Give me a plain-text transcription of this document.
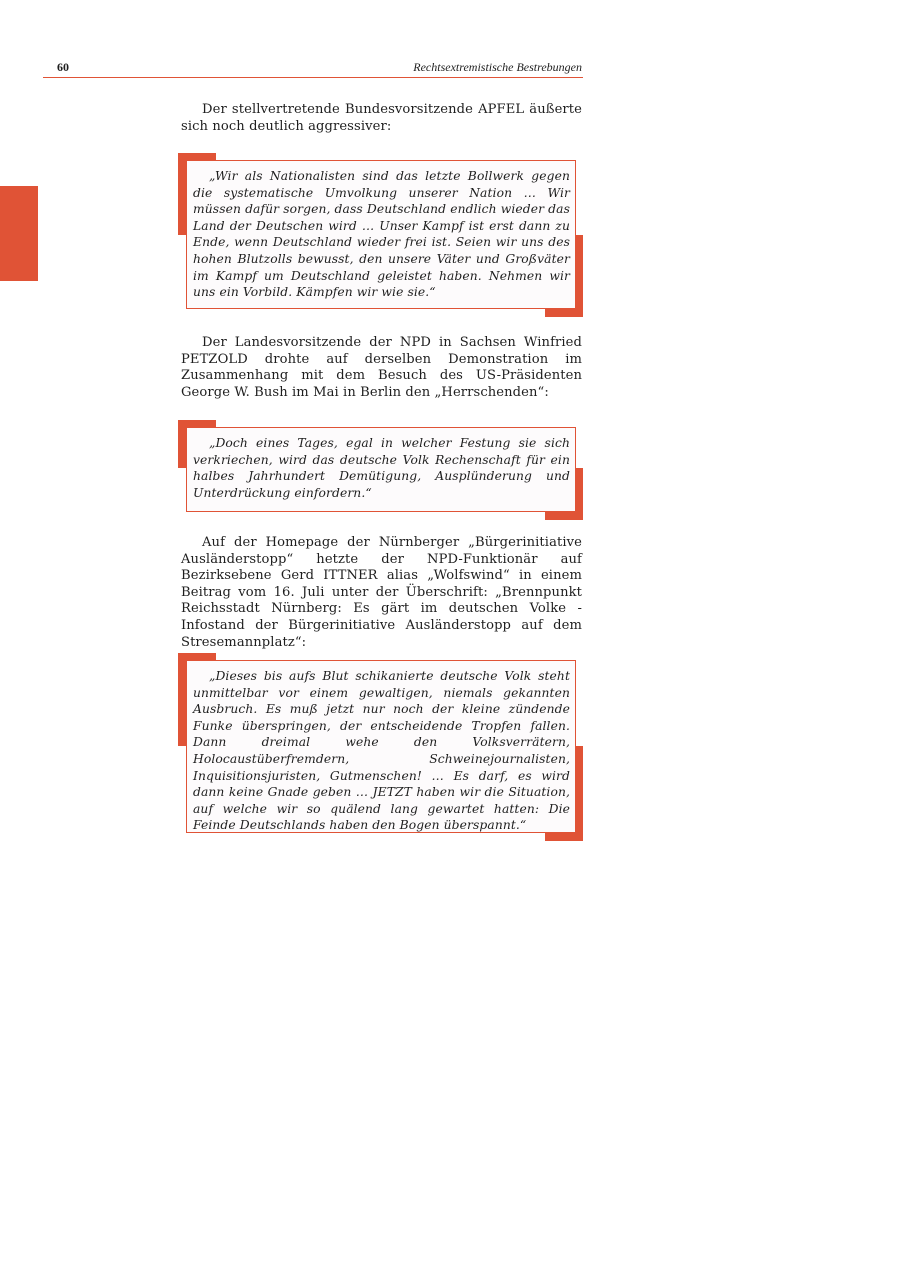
60	Rechtsextremistische Bestrebungen

Der stellvertretende Bundesvorsitzende APFEL äußerte sich noch deutlich aggressiver:

„Wir als Nationalisten sind das letzte Bollwerk gegen die systematische Umvolkung unserer Nation … Wir müssen dafür sorgen, dass Deutschland endlich wieder das Land der Deutschen wird … Unser Kampf ist erst dann zu Ende, wenn Deutschland wieder frei ist. Seien wir uns des hohen Blutzolls bewusst, den unsere Väter und Großväter im Kampf um Deutschland geleistet haben. Nehmen wir uns ein Vorbild. Kämpfen wir wie sie.“

Der Landesvorsitzende der NPD in Sachsen Winfried PETZOLD drohte auf derselben Demonstration im Zusammenhang mit dem Besuch des US-Präsidenten George W. Bush im Mai in Berlin den „Herrschenden“:

„Doch eines Tages, egal in welcher Festung sie sich verkriechen, wird das deutsche Volk Rechenschaft für ein halbes Jahrhundert Demütigung, Ausplünderung und Unterdrückung einfordern.“

Auf der Homepage der Nürnberger „Bürgerinitiative Ausländerstopp“ hetzte der NPD-Funktionär auf Bezirksebene Gerd ITTNER alias „Wolfswind“ in einem Beitrag vom 16. Juli unter der Überschrift: „Brennpunkt Reichsstadt Nürnberg: Es gärt im deutschen Volke - Infostand der Bürgerinitiative Ausländerstopp auf dem Stresemannplatz“:

„Dieses bis aufs Blut schikanierte deutsche Volk steht unmittelbar vor einem gewaltigen, niemals gekannten Ausbruch. Es muß jetzt nur noch der kleine zündende Funke überspringen, der entscheidende Tropfen fallen. Dann dreimal wehe den Volksverrätern, Holocaustüberfremdern, Schweinejournalisten, Inquisitionsjuristen, Gutmenschen! … Es darf, es wird dann keine Gnade geben … JETZT haben wir die Situation, auf welche wir so quälend lang gewartet hatten: Die Feinde Deutschlands haben den Bogen überspannt.“
